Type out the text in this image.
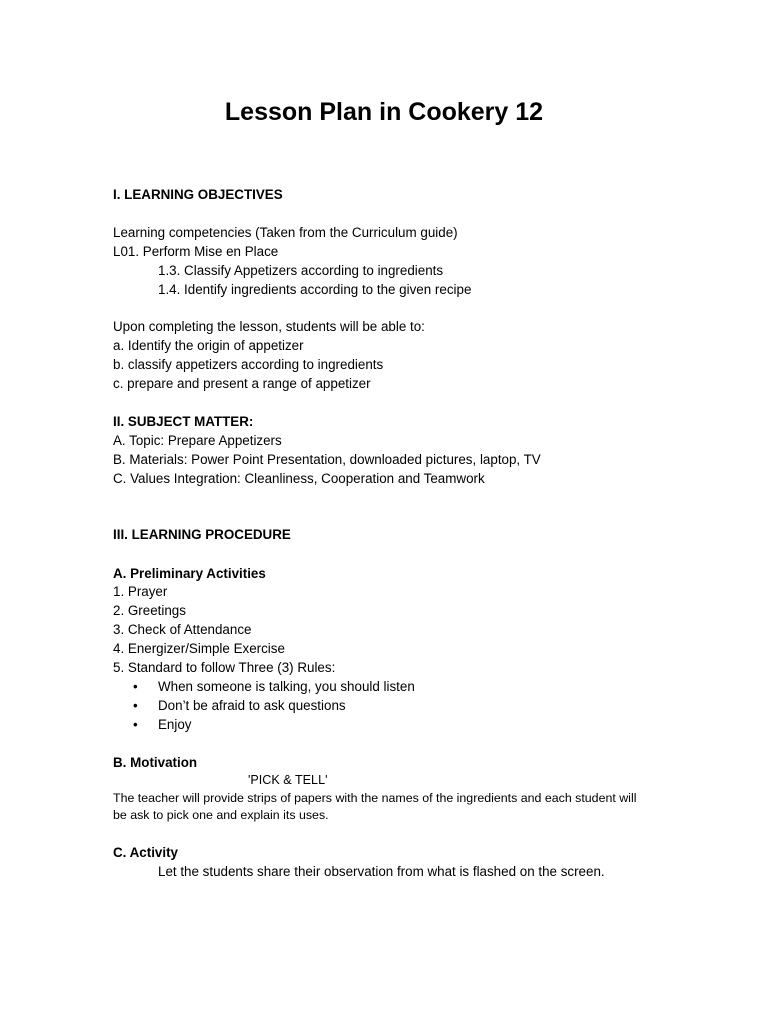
Lesson Plan in Cookery 12
I. LEARNING OBJECTIVES
Learning competencies (Taken from the Curriculum guide)
L01. Perform Mise en Place
1.3. Classify Appetizers according to ingredients
1.4. Identify ingredients according to the given recipe
Upon completing the lesson, students will be able to:
a. Identify the origin of appetizer
b. classify appetizers according to ingredients
c. prepare and present a range of appetizer
II. SUBJECT MATTER:
A. Topic: Prepare Appetizers
B. Materials: Power Point Presentation, downloaded pictures, laptop, TV
C. Values Integration: Cleanliness, Cooperation and Teamwork
III. LEARNING PROCEDURE
A. Preliminary Activities
1. Prayer
2. Greetings
3. Check of Attendance
4. Energizer/Simple Exercise
5. Standard to follow Three (3) Rules:
• When someone is talking, you should listen
• Don’t be afraid to ask questions
• Enjoy
B. Motivation
'PICK & TELL'
The teacher will provide strips of papers with the names of the ingredients and each student will
be ask to pick one and explain its uses.
C. Activity
Let the students share their observation from what is flashed on the screen.
